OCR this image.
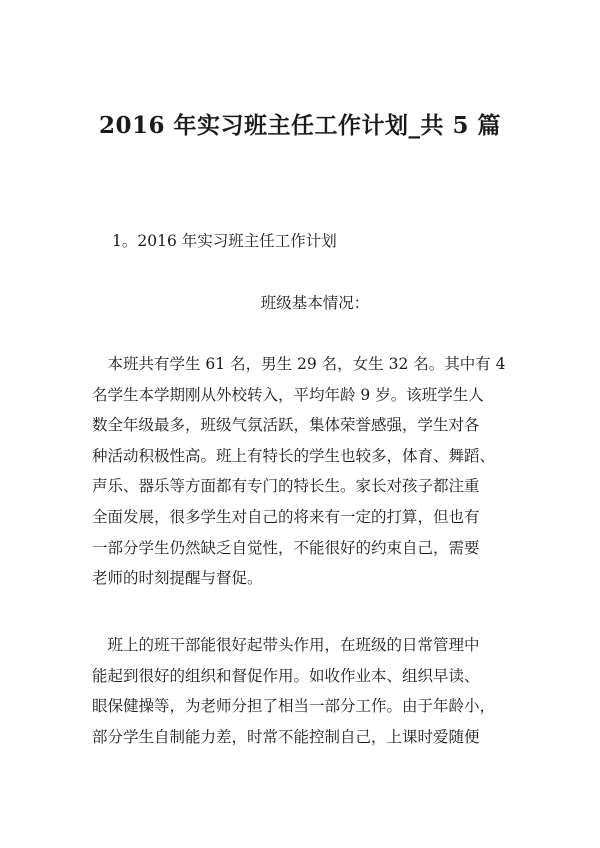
2016 年实习班主任工作计划_共 5 篇
1。2016 年实习班主任工作计划
班级基本情况：
　本班共有学生 61 名，男生 29 名，女生 32 名。其中有 4
名学生本学期刚从外校转入，平均年龄 9 岁。该班学生人
数全年级最多，班级气氛活跃，集体荣誉感强，学生对各
种活动积极性高。班上有特长的学生也较多，体育、舞蹈、
声乐、器乐等方面都有专门的特长生。家长对孩子都注重
全面发展，很多学生对自己的将来有一定的打算，但也有
一部分学生仍然缺乏自觉性，不能很好的约束自己，需要
老师的时刻提醒与督促。
　班上的班干部能很好起带头作用，在班级的日常管理中
能起到很好的组织和督促作用。如收作业本、组织早读、
眼保健操等，为老师分担了相当一部分工作。由于年龄小，
部分学生自制能力差，时常不能控制自己，上课时爱随便
